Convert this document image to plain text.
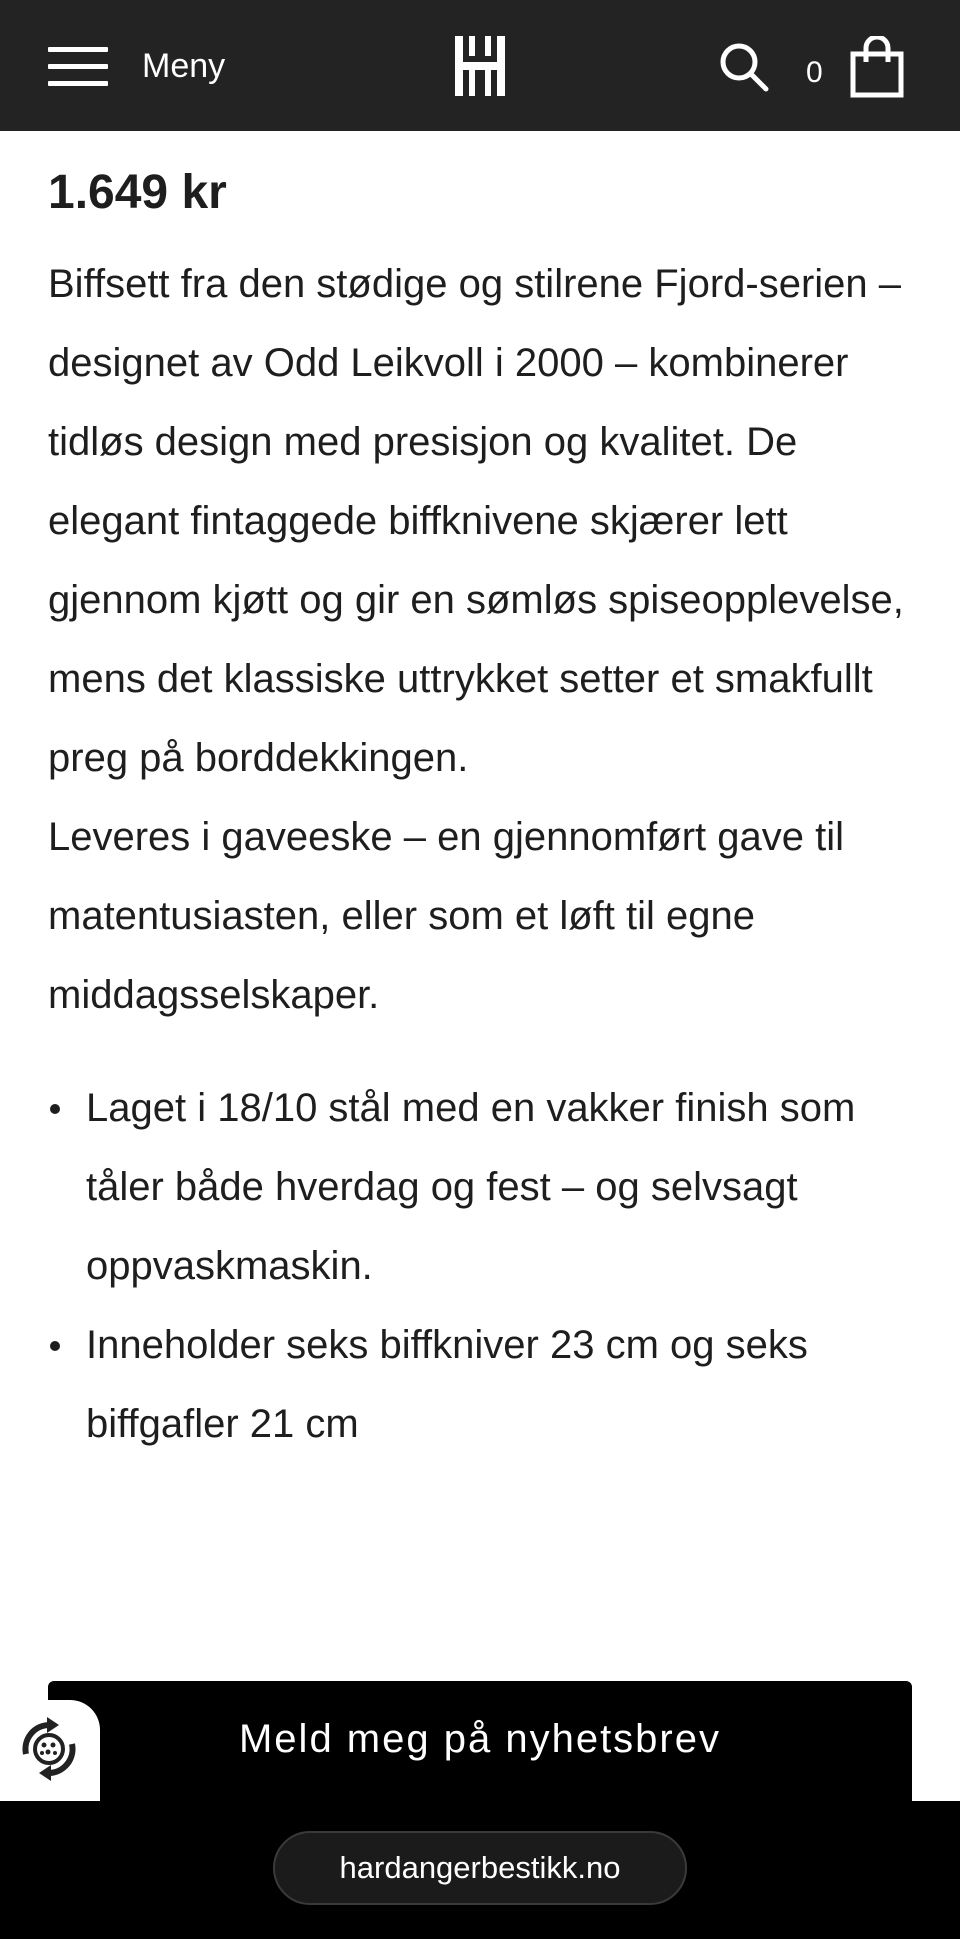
Meny	0
1.649 kr

Biffsett fra den stødige og stilrene Fjord-serien – designet av Odd Leikvoll i 2000 – kombinerer tidløs design med presisjon og kvalitet. De elegant fintaggede biffknivene skjærer lett gjennom kjøtt og gir en sømløs spiseopplevelse, mens det klassiske uttrykket setter et smakfullt preg på borddekkingen.

Leveres i gaveeske – en gjennomført gave til matentusiasten, eller som et løft til egne middagsselskaper.

Laget i 18/10 stål med en vakker finish som tåler både hverdag og fest – og selvsagt oppvaskmaskin.
Inneholder seks biffkniver 23 cm og seks biffgafler 21 cm
Meld meg på nyhetsbrev
hardangerbestikk.no
